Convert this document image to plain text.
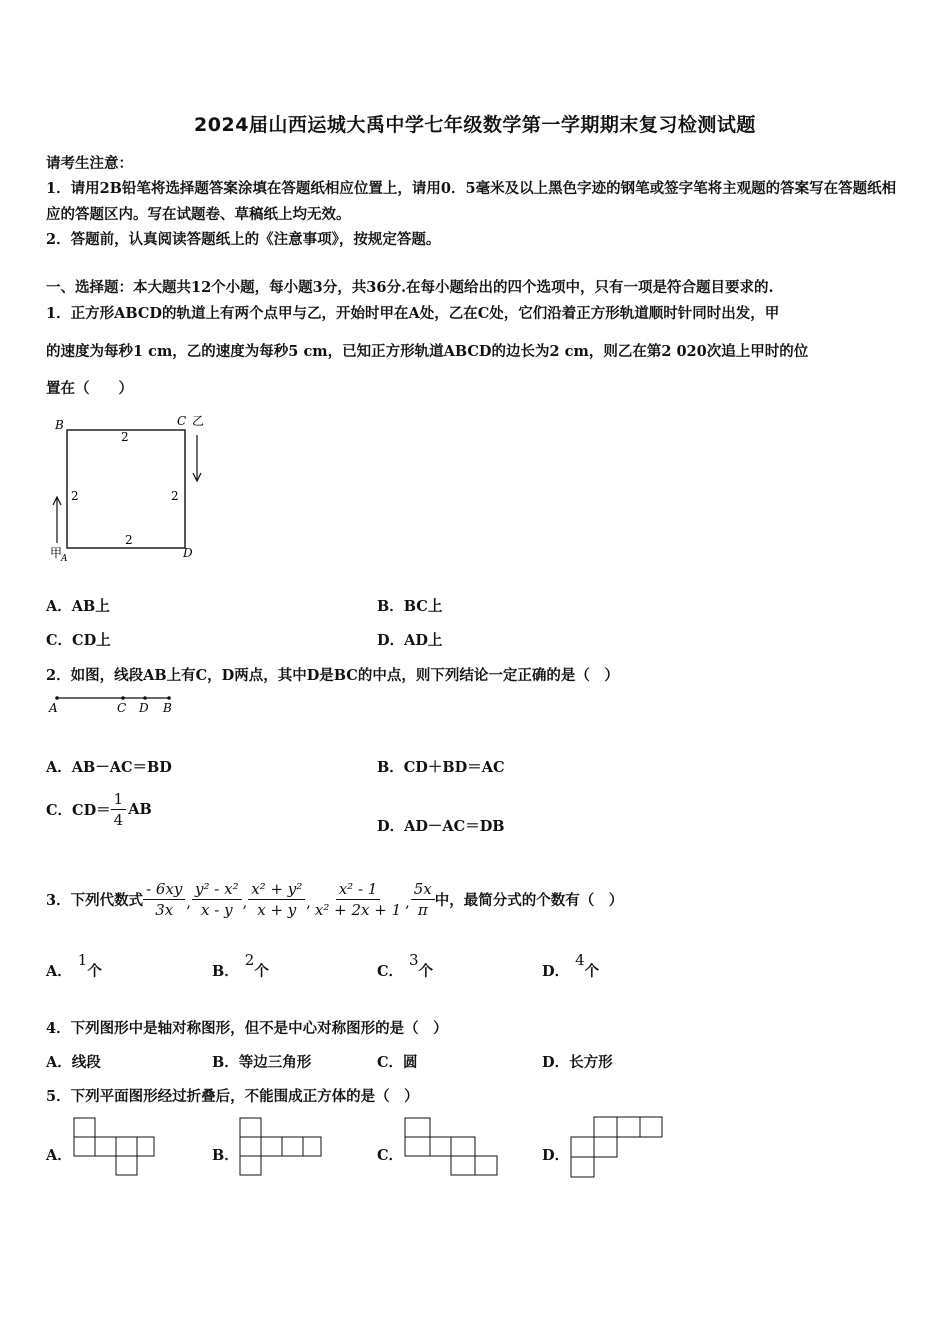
2024届山西运城大禹中学七年级数学第一学期期末复习检测试题
请考生注意：
1．请用2B铅笔将选择题答案涂填在答题纸相应位置上，请用0．5毫米及以上黑色字迹的钢笔或签字笔将主观题的答案写在答题纸相应的答题区内。写在试题卷、草稿纸上均无效。
2．答题前，认真阅读答题纸上的《注意事项》，按规定答题。
一、选择题：本大题共12个小题，每小题3分，共36分.在每小题给出的四个选项中，只有一项是符合题目要求的.
1．正方形ABCD的轨道上有两个点甲与乙，开始时甲在A处，乙在C处，它们沿着正方形轨道顺时针同时出发，甲
的速度为每秒1 cm，乙的速度为每秒5 cm，已知正方形轨道ABCD的边长为2 cm，则乙在第2 020次追上甲时的位
置在（　　）
B	C 乙
D
A
甲
2
2	2
2
A．AB上	B．BC上
C．CD上	D．AD上
2．如图，线段AB上有C，D两点，其中D是BC的中点，则下列结论一定正确的是（　）
A	C D B
A．AB－AC＝BD	B．CD＋BD＝AC
C．$CD= \frac{1}{4}$ AB
D．AD－AC＝DB
3．下列代数式 $\frac{- 6xy}{3x}$ , $\frac{\text{y² - x²}}{x - y}$ , $\frac{\text{x² + y²}}{x + y}$ , $\frac{\text{x² - 1}}{\text{x² + 2x + 1}}$ , $\frac{5x}{\pi}$ 中，最简分式的个数有（　）
A．1个	B．2个	C．3个	D．4个
4．下列图形中是轴对称图形，但不是中心对称图形的是（　）
A．线段	B．等边三角形	C．圆	D．长方形
5．下列平面图形经过折叠后，不能围成正方体的是（　）
A．	B．	C．	D．
